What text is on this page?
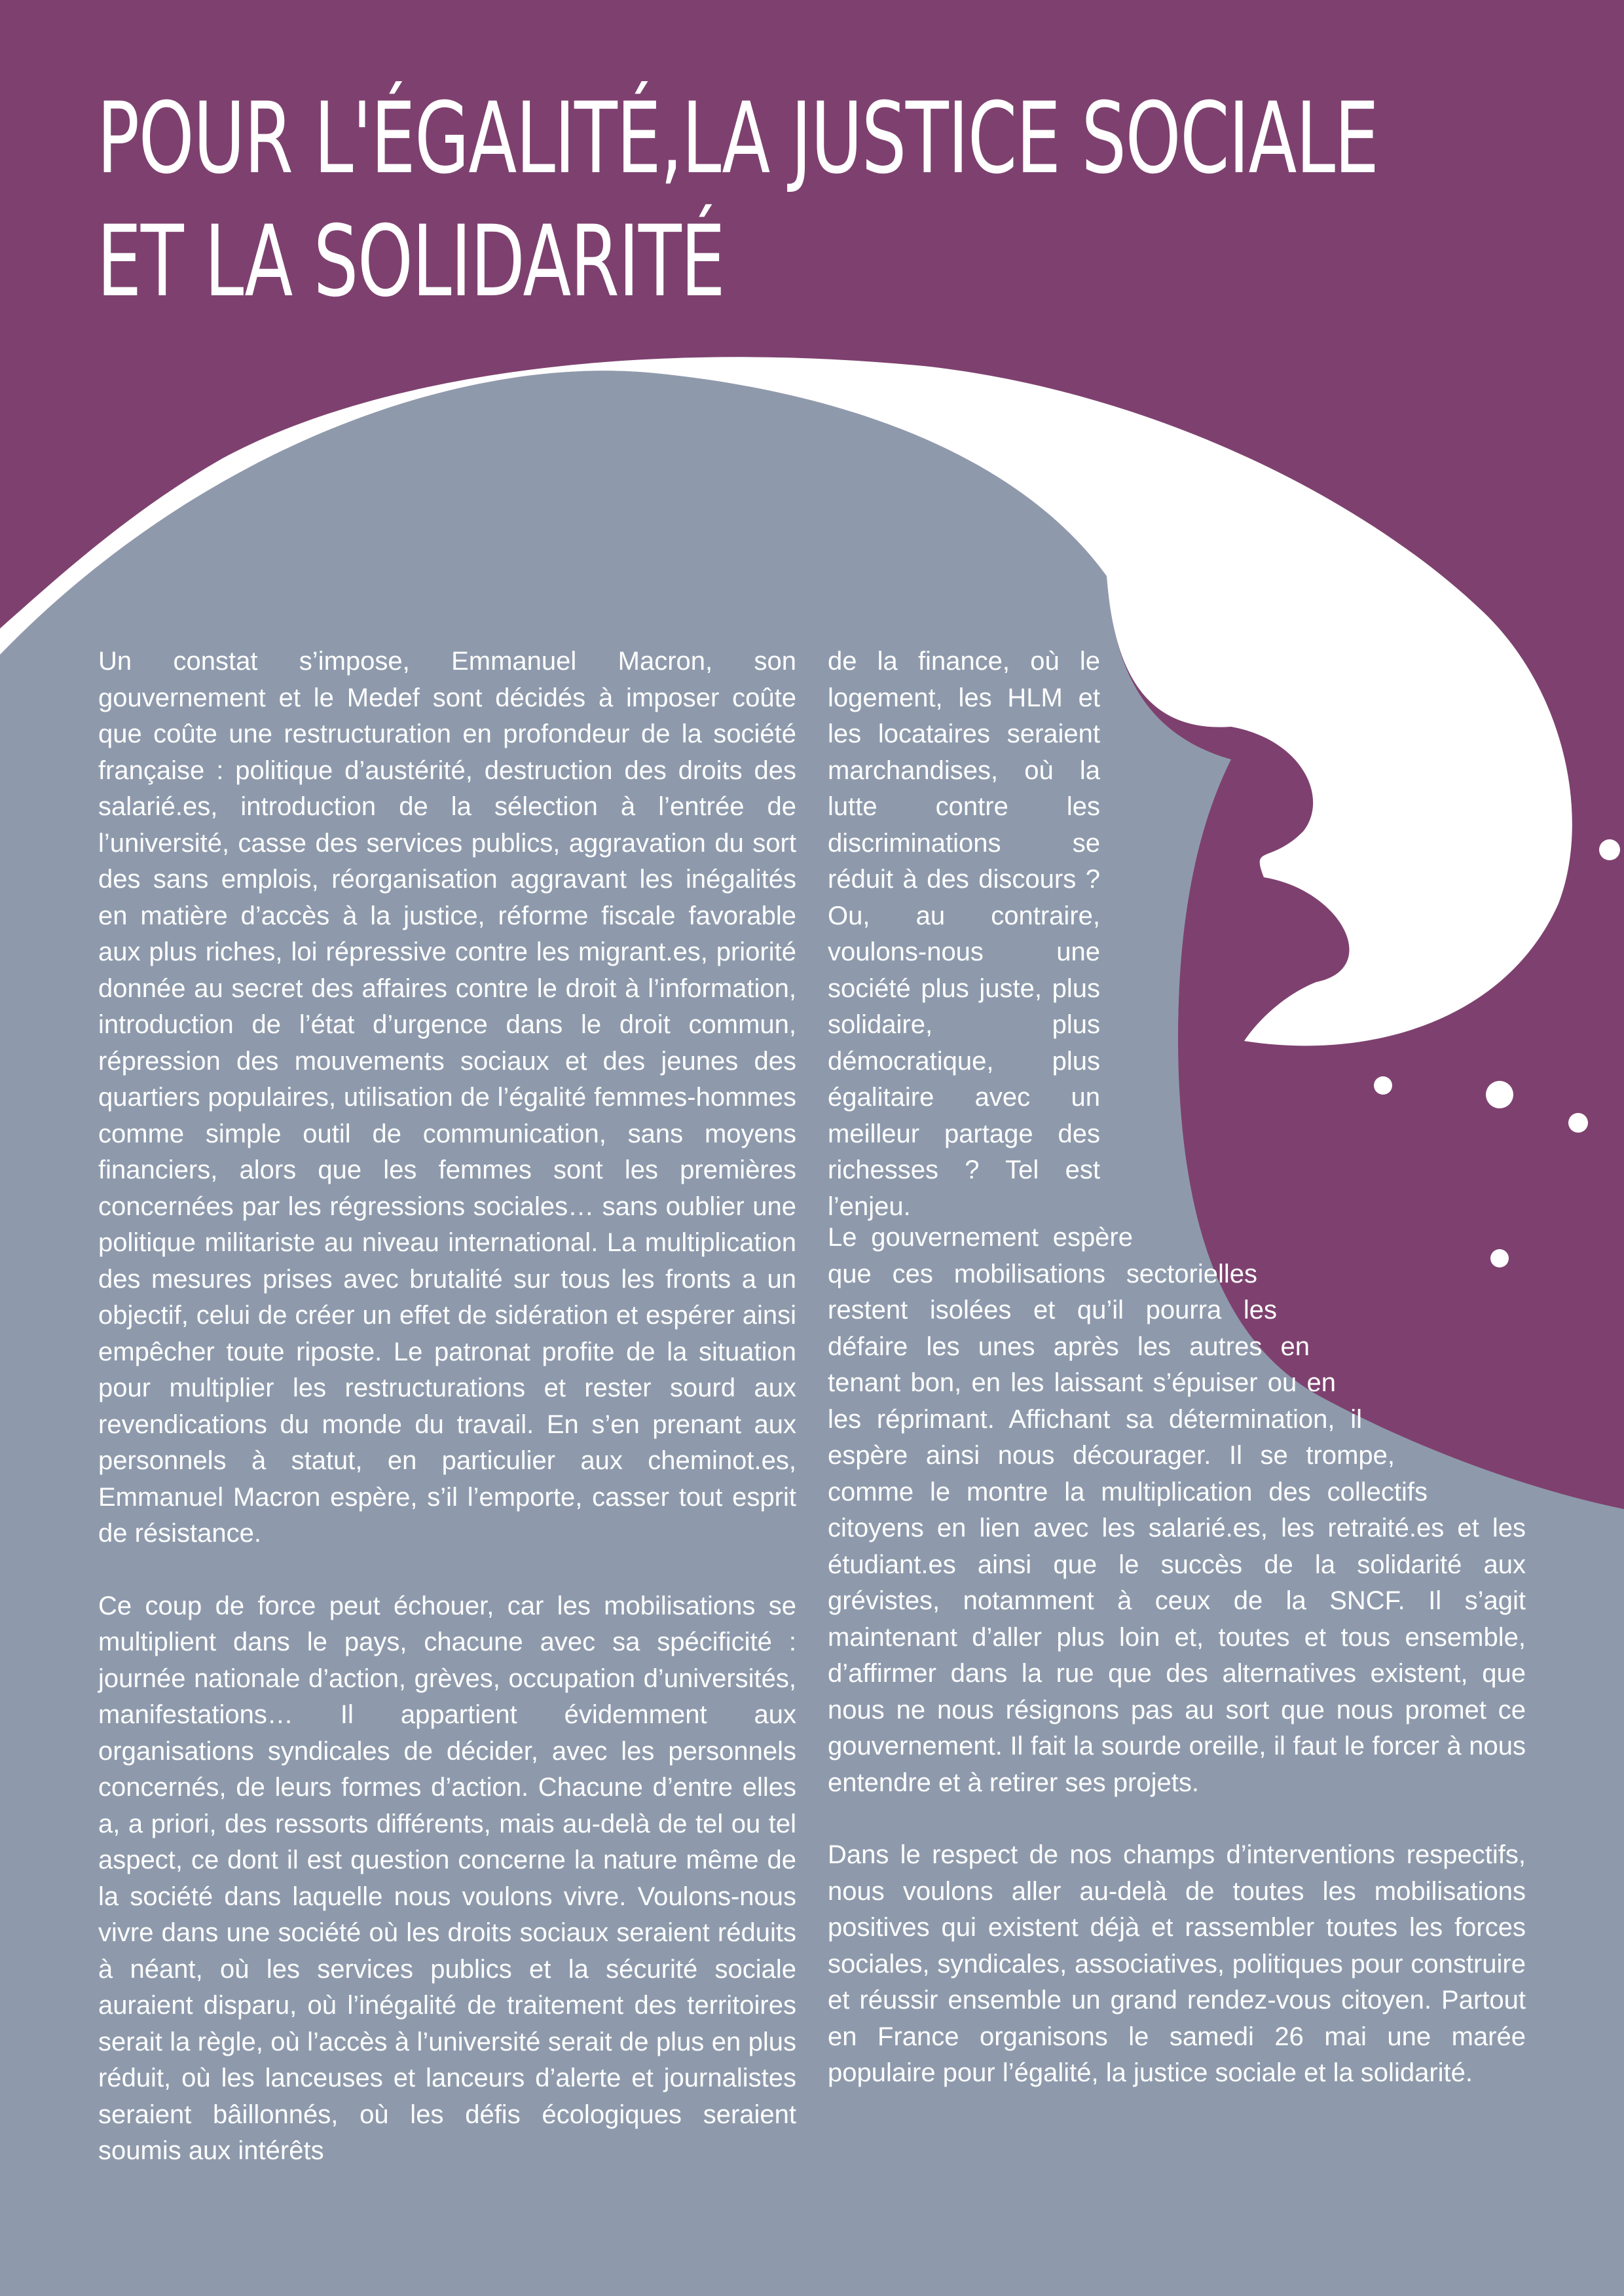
POUR L'ÉGALITÉ,LA JUSTICE SOCIALE
ET LA SOLIDARITÉ

Un constat s’impose, Emmanuel Macron, son gouvernement et le Medef sont décidés à imposer coûte que coûte une restructuration en profondeur de la société française : politique d’austérité, destruction des droits des salarié.es, introduction de la sélection à l’entrée de l’université, casse des services publics, aggravation du sort des sans emplois, réorganisation aggravant les inégalités en matière d’accès à la justice, réforme fiscale favorable aux plus riches, loi répressive contre les migrant.es, priorité donnée au secret des affaires contre le droit à l’information, introduction de l’état d’urgence dans le droit commun, répression des mouvements sociaux et des jeunes des quartiers populaires, utilisation de l’égalité femmes-hommes comme simple outil de communication, sans moyens financiers, alors que les femmes sont les premières concernées par les régressions sociales… sans oublier une politique militariste au niveau international. La multiplication des mesures prises avec brutalité sur tous les fronts a un objectif, celui de créer un effet de sidération et espérer ainsi empêcher toute riposte. Le patronat profite de la situation pour multiplier les restructurations et rester sourd aux revendications du monde du travail. En s’en prenant aux personnels à statut, en particulier aux cheminot.es, Emmanuel Macron espère, s’il l’emporte, casser tout esprit de résistance.

Ce coup de force peut échouer, car les mobilisations se multiplient dans le pays, chacune avec sa spécificité : journée nationale d’action, grèves, occupation d’universités, manifestations… Il appartient évidemment aux organisations syndicales de décider, avec les personnels concernés, de leurs formes d’action. Chacune d’entre elles a, a priori, des ressorts différents, mais au-delà de tel ou tel aspect, ce dont il est question concerne la nature même de la société dans laquelle nous voulons vivre. Voulons-nous vivre dans une société où les droits sociaux seraient réduits à néant, où les services publics et la sécurité sociale auraient disparu, où l’inégalité de traitement des territoires serait la règle, où l’accès à l’université serait de plus en plus réduit, où les lanceuses et lanceurs d’alerte et journalistes seraient bâillonnés, où les défis écologiques seraient soumis aux intérêts

de la finance, où le logement, les HLM et les locataires seraient marchandises, où la lutte contre les discriminations se réduit à des discours ? Ou, au contraire, voulons-nous une société plus juste, plus solidaire, plus démocratique, plus égalitaire avec un meilleur partage des richesses ? Tel est l’enjeu.

Le gouvernement espère que ces mobilisations sectorielles restent isolées et qu’il pourra les défaire les unes après les autres en tenant bon, en les laissant s’épuiser ou en les réprimant. Affichant sa détermination, il espère ainsi nous décourager. Il se trompe, comme le montre la multiplication des collectifs citoyens en lien avec les salarié.es, les retraité.es et les étudiant.es ainsi que le succès de la solidarité aux grévistes, notamment à ceux de la SNCF. Il s’agit maintenant d’aller plus loin et, toutes et tous ensemble, d’affirmer dans la rue que des alternatives existent, que nous ne nous résignons pas au sort que nous promet ce gouvernement. Il fait la sourde oreille, il faut le forcer à nous entendre et à retirer ses projets.

Dans le respect de nos champs d’interventions respectifs, nous voulons aller au-delà de toutes les mobilisations positives qui existent déjà et rassembler toutes les forces sociales, syndicales, associatives, politiques pour construire et réussir ensemble un grand rendez-vous citoyen. Partout en France organisons le samedi 26 mai une marée populaire pour l’égalité, la justice sociale et la solidarité.
